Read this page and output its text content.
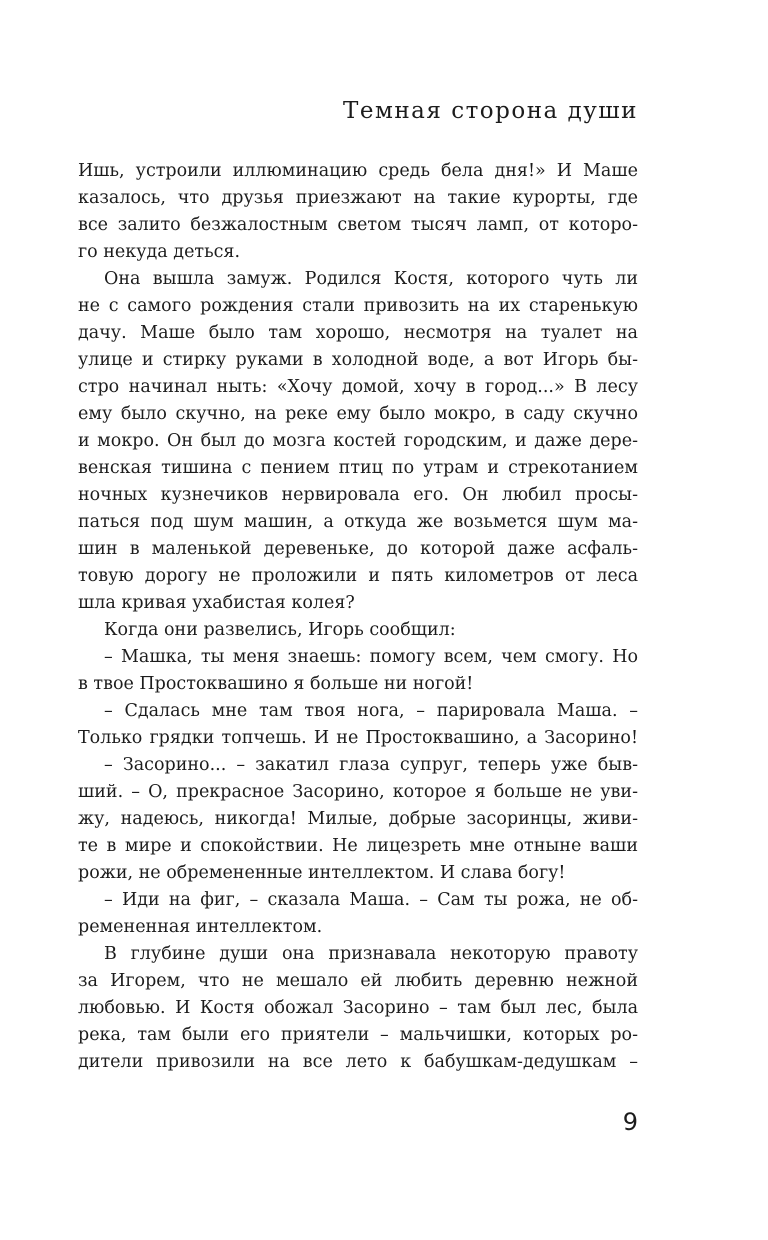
Темная сторона души
Ишь, устроили иллюминацию средь бела дня!» И Маше
казалось, что друзья приезжают на такие курорты, где
все залито безжалостным светом тысяч ламп, от которо-
го некуда деться.
Она вышла замуж. Родился Костя, которого чуть ли
не с самого рождения стали привозить на их старенькую
дачу. Маше было там хорошо, несмотря на туалет на
улице и стирку руками в холодной воде, а вот Игорь бы-
стро начинал ныть: «Хочу домой, хочу в город...» В лесу
ему было скучно, на реке ему было мокро, в саду скучно
и мокро. Он был до мозга костей городским, и даже дере-
венская тишина с пением птиц по утрам и стрекотанием
ночных кузнечиков нервировала его. Он любил просы-
паться под шум машин, а откуда же возьмется шум ма-
шин в маленькой деревеньке, до которой даже асфаль-
товую дорогу не проложили и пять километров от леса
шла кривая ухабистая колея?
Когда они развелись, Игорь сообщил:
– Машка, ты меня знаешь: помогу всем, чем смогу. Но
в твое Простоквашино я больше ни ногой!
– Сдалась мне там твоя нога, – парировала Маша. –
Только грядки топчешь. И не Простоквашино, а Засорино!
– Засорино... – закатил глаза супруг, теперь уже быв-
ший. – О, прекрасное Засорино, которое я больше не уви-
жу, надеюсь, никогда! Милые, добрые засоринцы, живи-
те в мире и спокойствии. Не лицезреть мне отныне ваши
рожи, не обремененные интеллектом. И слава богу!
– Иди на фиг, – сказала Маша. – Сам ты рожа, не об-
ремененная интеллектом.
В глубине души она признавала некоторую правоту
за Игорем, что не мешало ей любить деревню нежной
любовью. И Костя обожал Засорино – там был лес, была
река, там были его приятели – мальчишки, которых ро-
дители привозили на все лето к бабушкам-дедушкам –
9
